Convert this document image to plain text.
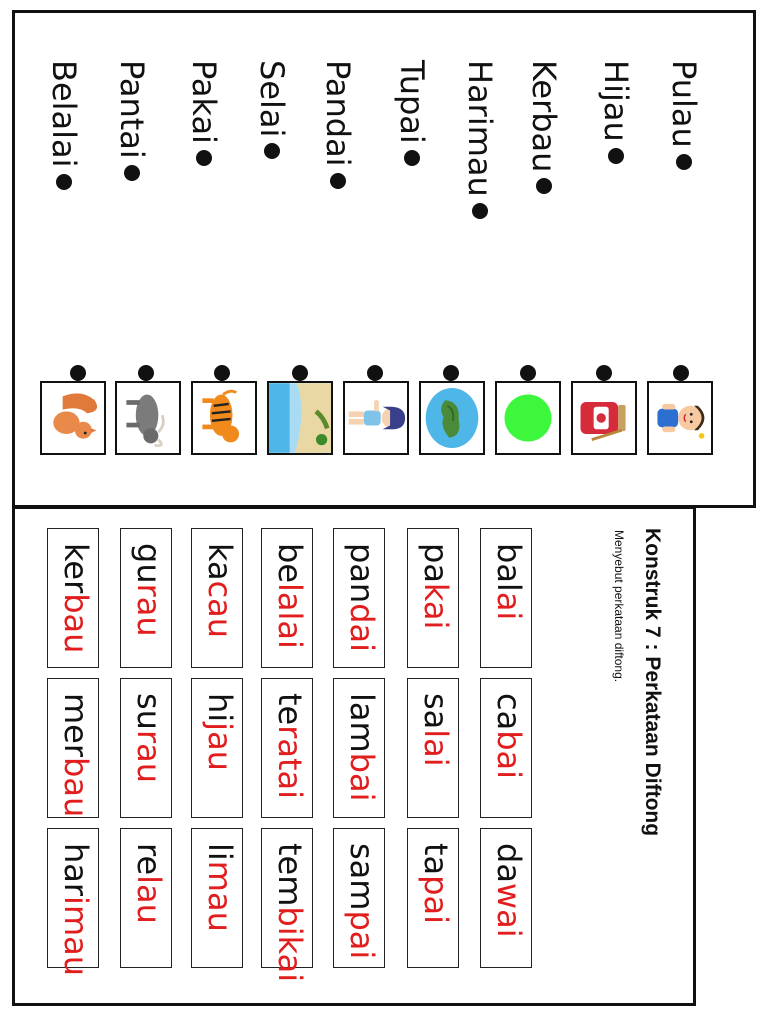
Pulau
Hijau
Kerbau
Harimau
Tupai
Pandai
Selai
Pakai
Pantai
Belalai
Konstruk 7 : Perkataan Diftong
Menyebut perkataan diftong.
balai
cabai
dawai
pakai
salai
tapai
pandai
lambai
sampai
belalai
teratai
tembikai
kacau
hijau
limau
gurau
surau
relau
kerbau
merbau
harimau
